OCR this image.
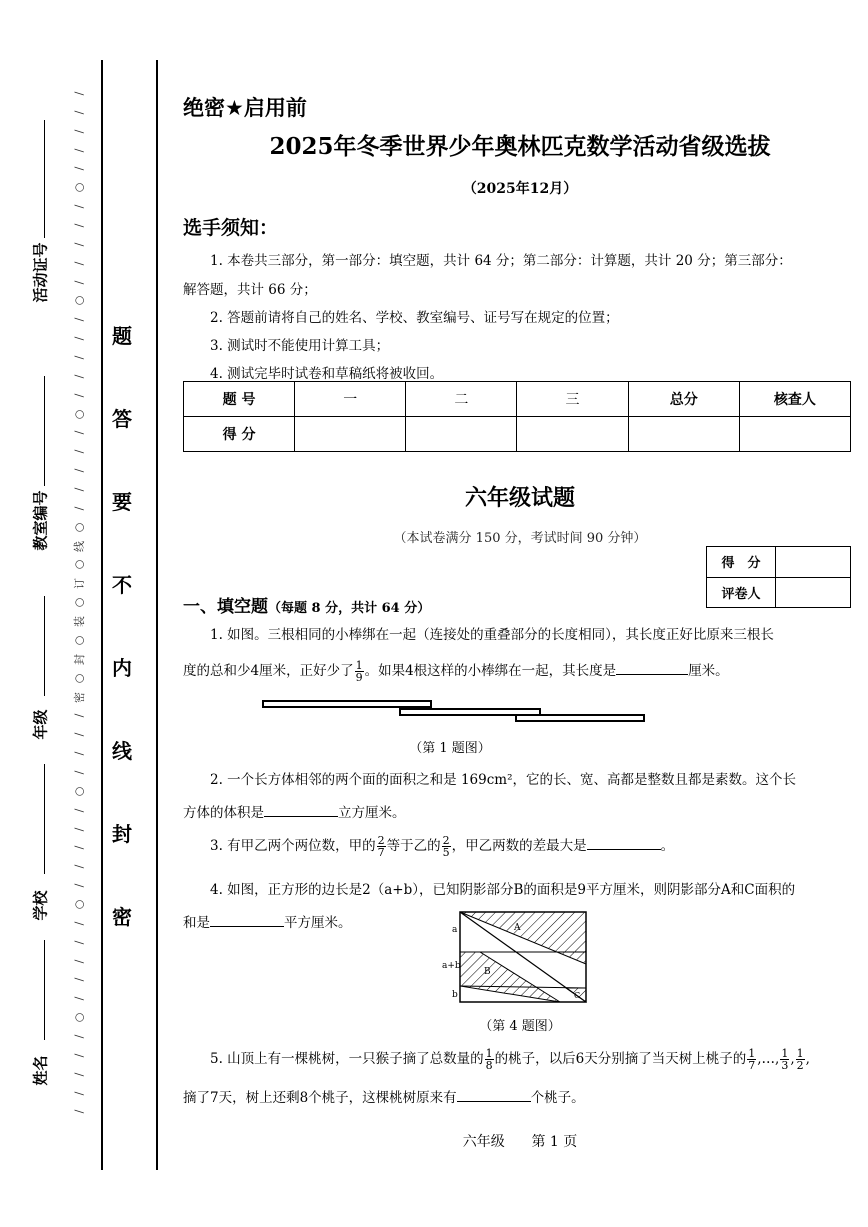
活动证号
教室编号
年级
学校
姓名
/
/
/
/
/
○
/
/
/
/
/
○
/
/
/
/
/
○
/
/
/
/
/
○
线
○
订
○
装
○
封
○
密
/
/
/
/
○
/
/
/
/
/
○
/
/
/
/
/
○
/
/
/
/
/
题
答
要
不
内
线
封
密
绝密★启用前
2025年冬季世界少年奥林匹克数学活动省级选拔
（2025年12月）
选手须知：
1. 本卷共三部分，第一部分：填空题，共计 64 分；第二部分：计算题，共计 20 分；第三部分：
解答题，共计 66 分；
2. 答题前请将自己的姓名、学校、教室编号、证号写在规定的位置；
3. 测试时不能使用计算工具；
4. 测试完毕时试卷和草稿纸将被收回。
题 号	一	二	三	总分	核查人
得 分					
六年级试题
（本试卷满分 150 分，考试时间 90 分钟）
得　分	
评卷人	
一、填空题（每题 8 分，共计 64 分）
1. 如图。三根相同的小棒绑在一起（连接处的重叠部分的长度相同），其长度正好比原来三根长
度的总和少4厘米，正好少了 $\frac{1}{9}$ 。如果4根这样的小棒绑在一起，其长度是	厘米。
（第 1 题图）
2. 一个长方体相邻的两个面的面积之和是 169cm²，它的长、宽、高都是整数且都是素数。这个长
方体的体积是	立方厘米。
3. 有甲乙两个两位数，甲的 $\frac{2}{7}$ 等于乙的 $\frac{2}{5}$ ，甲乙两数的差最大是	。
4. 如图，正方形的边长是2（a+b），已知阴影部分B的面积是9平方厘米，则阴影部分A和C面积的
和是	平方厘米。	a
a+b
b
A
B
C
（第 4 题图）
5. 山顶上有一棵桃树，一只猴子摘了总数量的 $\frac{1}{8}$ 的桃子，以后6天分别摘了当天树上桃子的 $\frac{1}{7}$ ,…, $\frac{1}{3}$ , $\frac{1}{2}$ ,
摘了7天，树上还剩8个桃子，这棵桃树原来有	个桃子。
六年级 第 1 页
